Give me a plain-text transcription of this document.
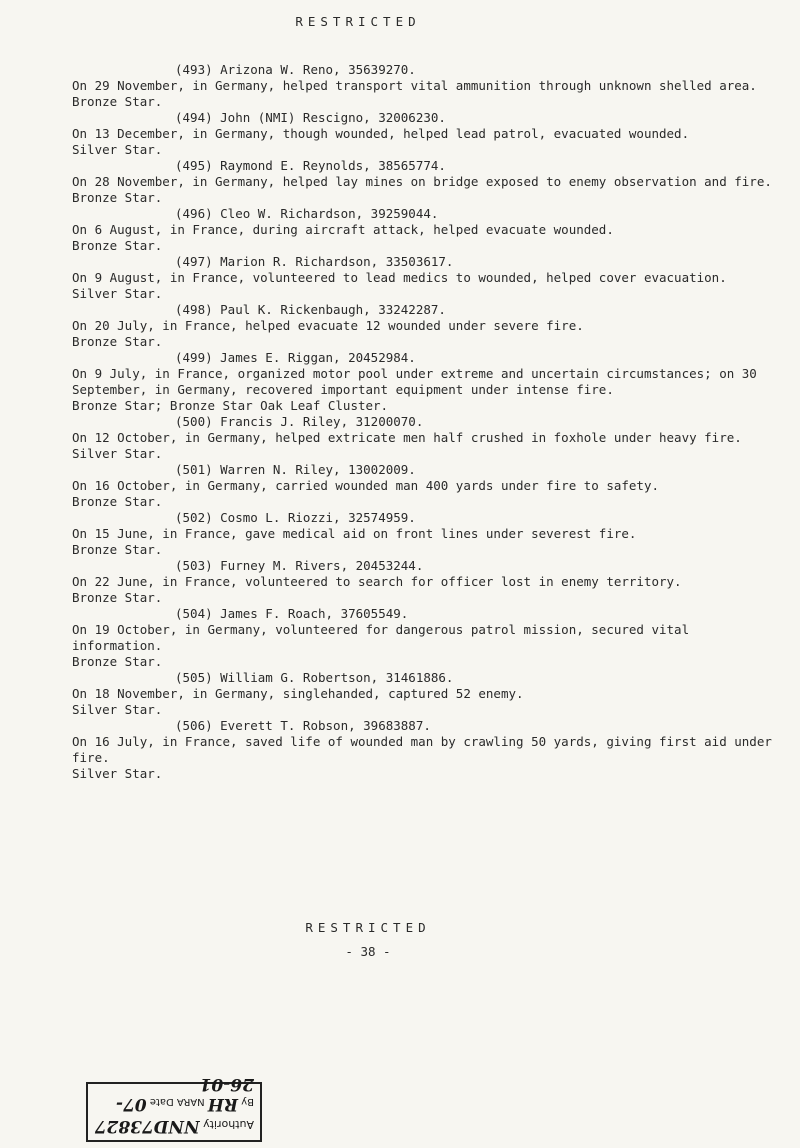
RESTRICTED

(493) Arizona W. Reno, 35639270.

On 29 November, in Germany, helped transport vital ammunition through unknown shelled area.

Bronze Star.

(494) John (NMI) Rescigno, 32006230.

On 13 December, in Germany, though wounded, helped lead patrol, evacuated wounded.

Silver Star.

(495) Raymond E. Reynolds, 38565774.

On 28 November, in Germany, helped lay mines on bridge exposed to enemy observation and fire.

Bronze Star.

(496) Cleo W. Richardson, 39259044.

On 6 August, in France, during aircraft attack, helped evacuate wounded.

Bronze Star.

(497) Marion R. Richardson, 33503617.

On 9 August, in France, volunteered to lead medics to wounded, helped cover evacuation.

Silver Star.

(498) Paul K. Rickenbaugh, 33242287.

On 20 July, in France, helped evacuate 12 wounded under severe fire.

Bronze Star.

(499) James E. Riggan, 20452984.

On 9 July, in France, organized motor pool under extreme and uncertain circumstances; on 30 September, in Germany, recovered important equipment under intense fire.

Bronze Star; Bronze Star Oak Leaf Cluster.

(500) Francis J. Riley, 31200070.

On 12 October, in Germany, helped extricate men half crushed in foxhole under heavy fire.

Silver Star.

(501) Warren N. Riley, 13002009.

On 16 October, in Germany, carried wounded man 400 yards under fire to safety.

Bronze Star.

(502) Cosmo L. Riozzi, 32574959.

On 15 June, in France, gave medical aid on front lines under severest fire.

Bronze Star.

(503) Furney M. Rivers, 20453244.

On 22 June, in France, volunteered to search for officer lost in enemy territory.

Bronze Star.

(504) James F. Roach, 37605549.

On 19 October, in Germany, volunteered for dangerous patrol mission, secured vital information.

Bronze Star.

(505) William G. Robertson, 31461886.

On 18 November, in Germany, singlehanded, captured 52 enemy.

Silver Star.

(506) Everett T. Robson, 39683887.

On 16 July, in France, saved life of wounded man by crawling 50 yards, giving first aid under fire.

Silver Star.

RESTRICTED
- 38 -
Authority NND73827
By RH NARA Date 07-26-01
